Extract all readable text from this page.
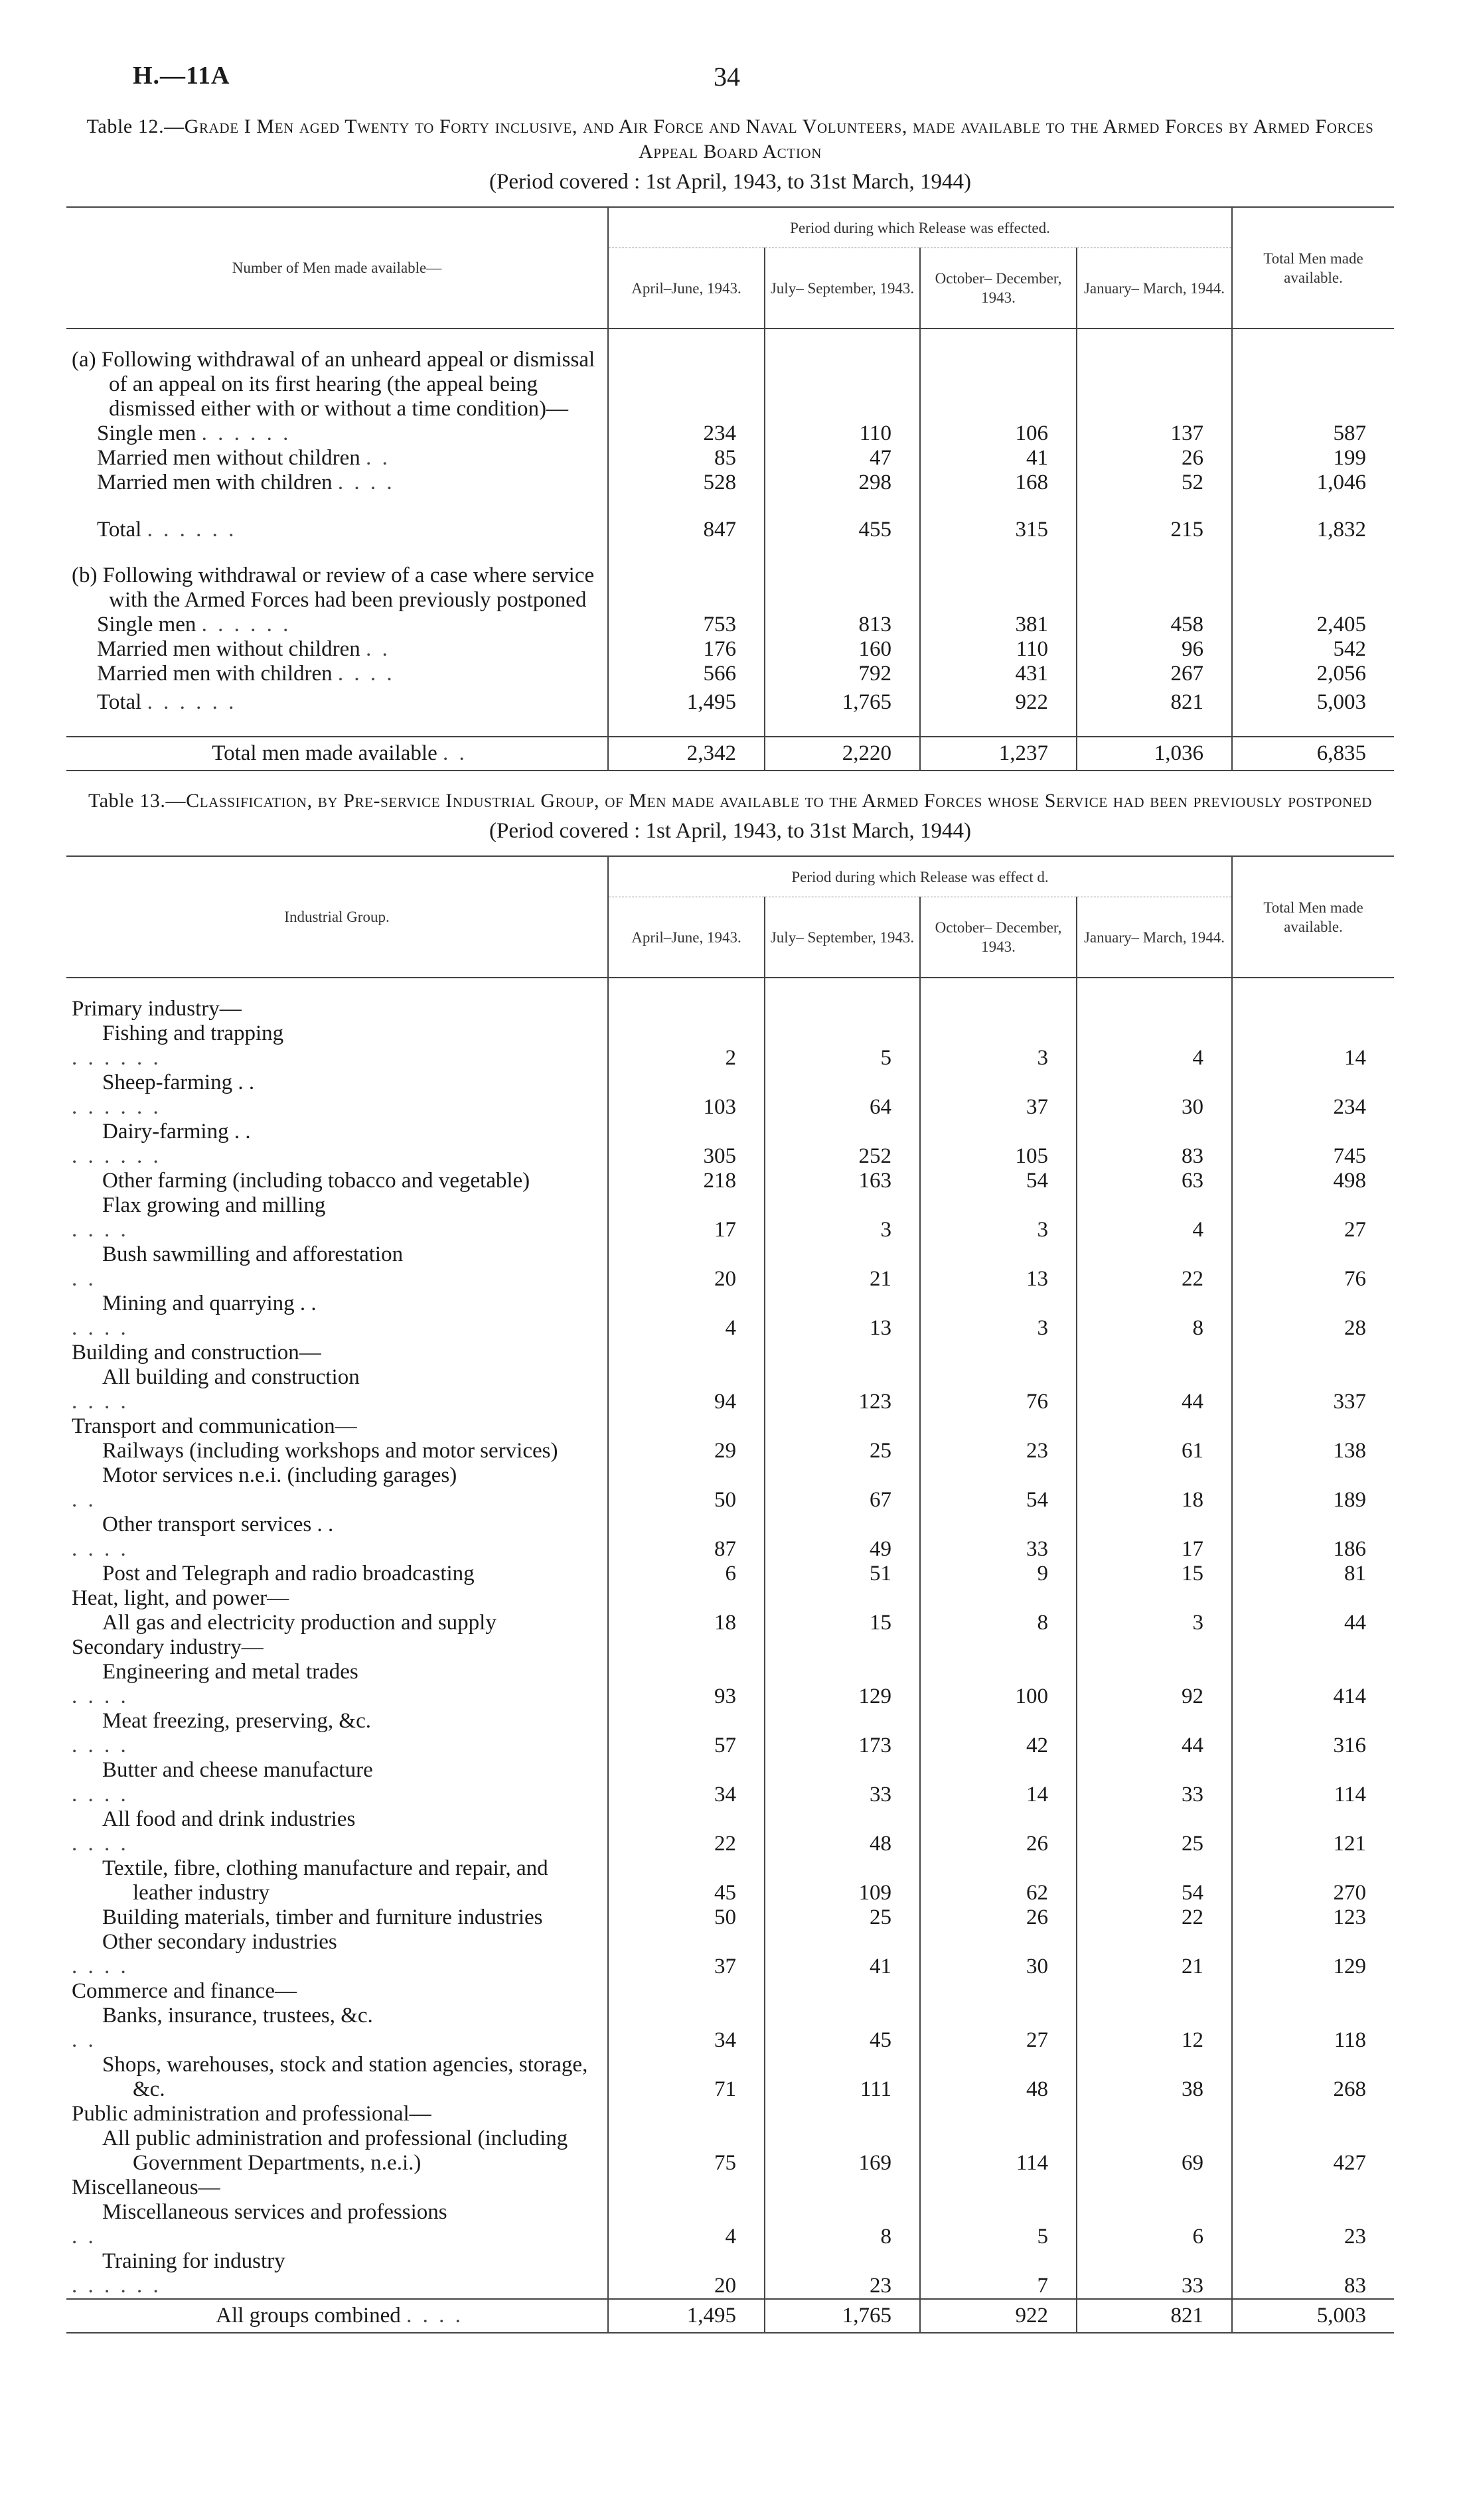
H.—11A	34
Table 12.—Grade I Men aged Twenty to Forty inclusive, and Air Force and Naval Volunteers, made available to the Armed Forces by Armed Forces Appeal Board Action
(Period covered : 1st April, 1943, to 31st March, 1944)
Number of Men made available—	Period during which Release was effected.				Total Men made available.
	April–June, 1943.	July– September, 1943.	October– December, 1943.	January– March, 1944.	

(a) Following withdrawal of an unheard appeal or dismissal of an appeal on its first hearing (the appeal being dismissed either with or without a time condition)—					

Single men . . . . . .	234	110	106	137	587
Married men without children . .	85	47	41	26	199
Married men with children . . . .	528	298	168	52	1,046

Total . . . . . .	847	455	315	215	1,832

(b) Following withdrawal or review of a case where service with the Armed Forces had been previously postponed					

Single men . . . . . .	753	813	381	458	2,405
Married men without children . .	176	160	110	96	542
Married men with children . . . .	566	792	431	267	2,056
Total . . . . . .	1,495	1,765	922	821	5,003

Total men made available . .	2,342	2,220	1,237	1,036	6,835
Table 13.—Classification, by Pre-service Industrial Group, of Men made available to the Armed Forces whose Service had been previously postponed
(Period covered : 1st April, 1943, to 31st March, 1944)
Industrial Group.	Period during which Release was effect d.				Total Men made available.
	April–June, 1943.	July– September, 1943.	October– December, 1943.	January– March, 1944.	

Primary industry—					

Fishing and trapping
. . . . . .	2	5	3	4	14

Sheep-farming . .
. . . . . .	103	64	37	30	234

Dairy-farming . .
. . . . . .	305	252	105	83	745

Other farming (including tobacco and vegetable)	218	163	54	63	498

Flax growing and milling
. . . .	17	3	3	4	27

Bush sawmilling and afforestation
. .	20	21	13	22	76

Mining and quarrying . .
. . . .	4	13	3	8	28
Building and construction—					

All building and construction
. . . .	94	123	76	44	337
Transport and communication—					

Railways (including workshops and motor services)	29	25	23	61	138

Motor services n.e.i. (including garages)
. .	50	67	54	18	189

Other transport services . .
. . . .	87	49	33	17	186

Post and Telegraph and radio broadcasting	6	51	9	15	81
Heat, light, and power—					

All gas and electricity production and supply	18	15	8	3	44
Secondary industry—					

Engineering and metal trades
. . . .	93	129	100	92	414

Meat freezing, preserving, &c.
. . . .	57	173	42	44	316

Butter and cheese manufacture
. . . .	34	33	14	33	114

All food and drink industries
. . . .	22	48	26	25	121

Textile, fibre, clothing manufacture and repair, and leather industry	45	109	62	54	270

Building materials, timber and furniture industries	50	25	26	22	123

Other secondary industries
. . . .	37	41	30	21	129
Commerce and finance—					

Banks, insurance, trustees, &c.
. .	34	45	27	12	118

Shops, warehouses, stock and station agencies, storage, &c.	71	111	48	38	268
Public administration and professional—					

All public administration and professional (including Government Departments, n.e.i.)	75	169	114	69	427
Miscellaneous—					

Miscellaneous services and professions
. .	4	8	5	6	23

Training for industry
. . . . . .	20	23	7	33	83
All groups combined . . . .	1,495	1,765	922	821	5,003
